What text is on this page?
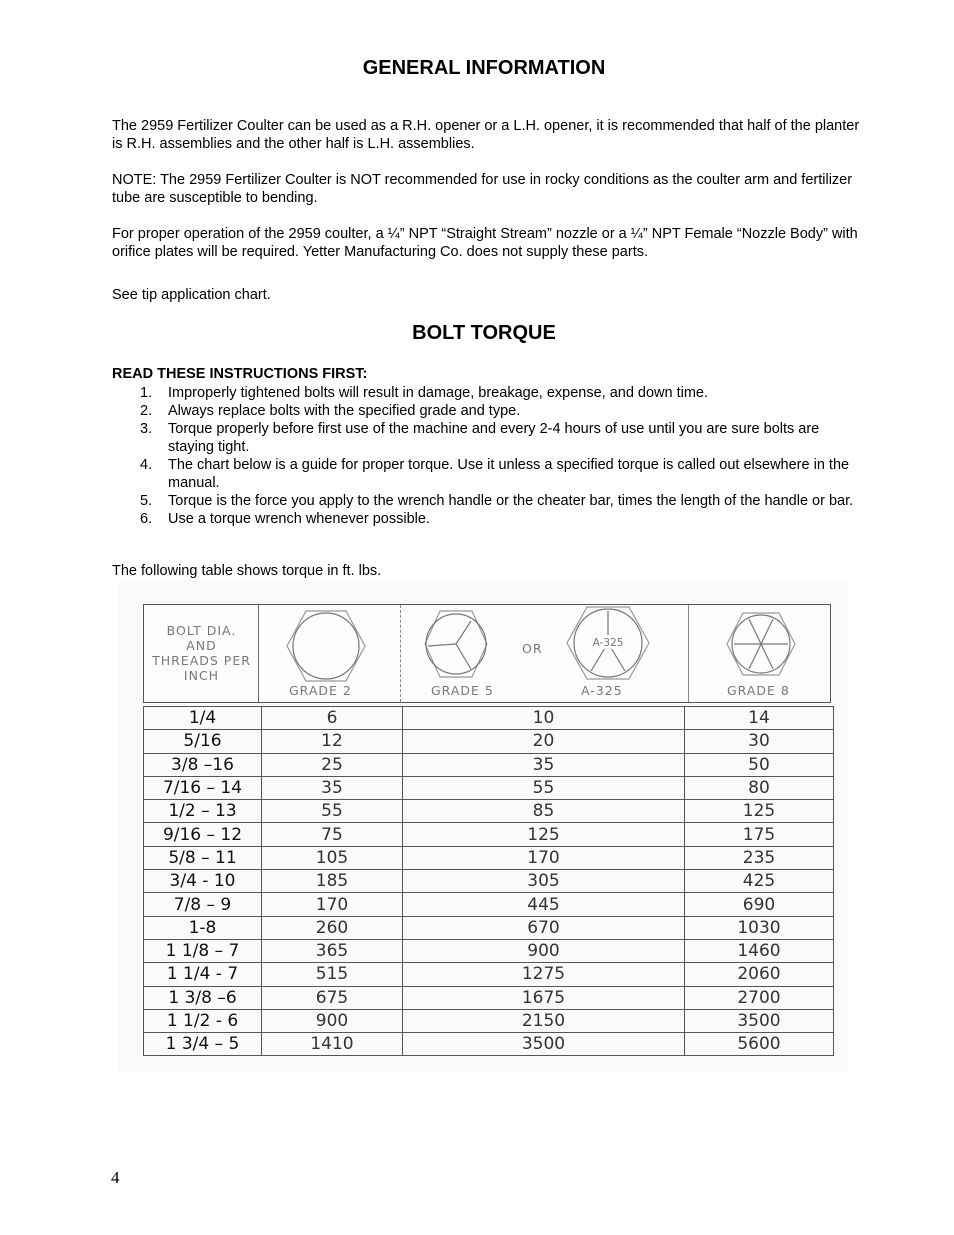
GENERAL INFORMATION

The 2959 Fertilizer Coulter can be used as a R.H. opener or a L.H. opener, it is recommended that half of the planter is R.H. assemblies and the other half is L.H. assemblies.

NOTE: The 2959 Fertilizer Coulter is NOT recommended for use in rocky conditions as the coulter arm and fertilizer tube are susceptible to bending.

For proper operation of the 2959 coulter, a ¼” NPT “Straight Stream” nozzle or a ¼” NPT Female “Nozzle Body” with orifice plates will be required. Yetter Manufacturing Co. does not supply these parts.

See tip application chart.

BOLT TORQUE

READ THESE INSTRUCTIONS FIRST:

1. Improperly tightened bolts will result in damage, breakage, expense, and down time.
2. Always replace bolts with the specified grade and type.
3. Torque properly before first use of the machine and every 2-4 hours of use until you are sure bolts are staying tight.
4. The chart below is a guide for proper torque. Use it unless a specified torque is called out elsewhere in the manual.
5. Torque is the force you apply to the wrench handle or the cheater bar, times the length of the handle or bar.
6. Use a torque wrench whenever possible.

The following table shows torque in ft. lbs.

BOLT DIA.
AND
THREADS PER
INCH
GRADE 2
OR	A-325
GRADE 5	A-325	GRADE 8
1/4	6	10	14
5/16	12	20	30
3/8 –16	25	35	50
7/16 – 14	35	55	80
1/2 – 13	55	85	125
9/16 – 12	75	125	175
5/8 – 11	105	170	235
3/4 - 10	185	305	425
7/8 – 9	170	445	690
1-8	260	670	1030
1 1/8 – 7	365	900	1460
1 1/4 - 7	515	1275	2060
1 3/8 –6	675	1675	2700
1 1/2 - 6	900	2150	3500
1 3/4 – 5	1410	3500	5600
4
